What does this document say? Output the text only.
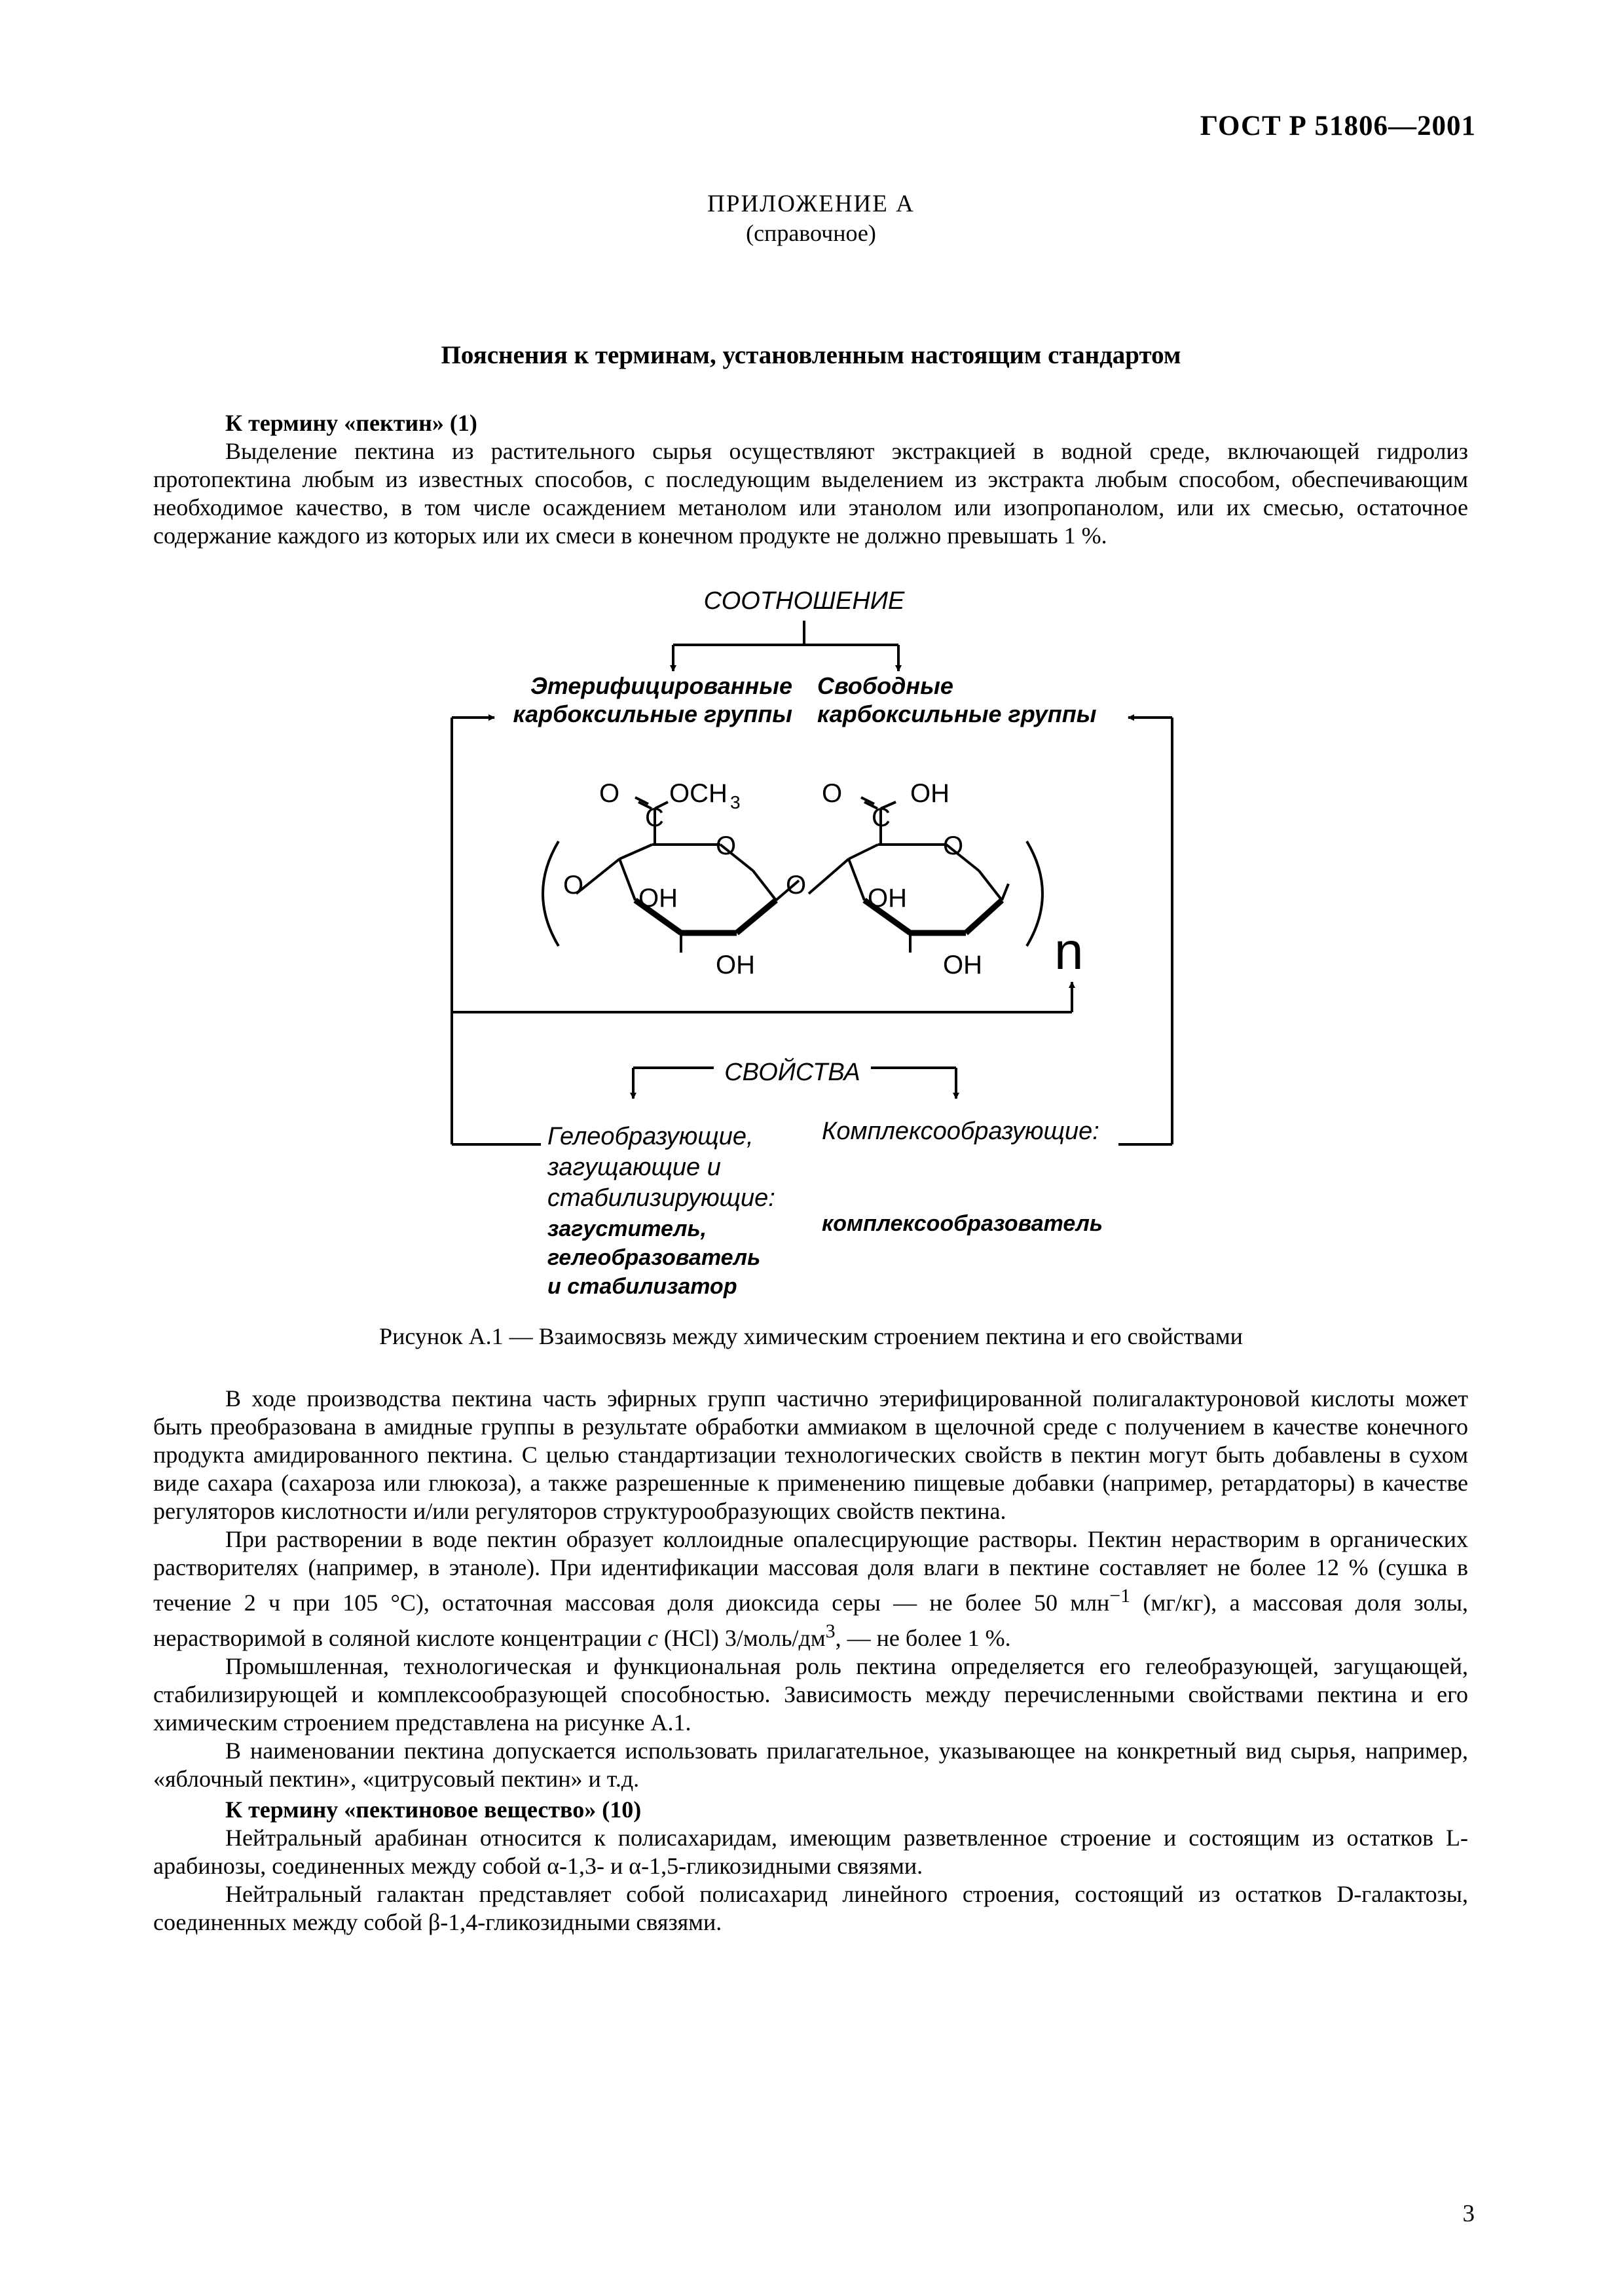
ГОСТ Р 51806—2001
ПРИЛОЖЕНИЕ А
(справочное)
Пояснения к терминам, установленным настоящим стандартом
К термину «пектин» (1)
Выделение пектина из растительного сырья осуществляют экстракцией в водной среде, включающей гидролиз протопектина любым из известных способов, с последующим выделением из экстракта любым способом, обеспечивающим необходимое качество, в том числе осаждением метанолом или этанолом или изопропанолом, или их смесью, остаточное содержание каждого из которых или их смеси в конечном продукте не должно превышать 1 %.
СООТНОШЕНИЕ
Этерифицированные
карбоксильные группы
Свободные
карбоксильные группы
СВОЙСТВА
Гелеобразующие,
загущающие и
стабилизирующие:
загуститель,
гелеобразователь
и стабилизатор
Комплексообразующие:
комплексообразователь
O
C
OCH 3
O
O OH
OH
O
O
C
OH
O
OH
OH n
Рисунок А.1 — Взаимосвязь между химическим строением пектина и его свойствами
В ходе производства пектина часть эфирных групп частично этерифицированной полигалактуроновой кислоты может быть преобразована в амидные группы в результате обработки аммиаком в щелочной среде с получением в качестве конечного продукта амидированного пектина. С целью стандартизации технологических свойств в пектин могут быть добавлены в сухом виде сахара (сахароза или глюкоза), а также разрешенные к применению пищевые добавки (например, ретардаторы) в качестве регуляторов кислотности и/или регуляторов структурообразующих свойств пектина.
При растворении в воде пектин образует коллоидные опалесцирующие растворы. Пектин нерастворим в органических растворителях (например, в этаноле). При идентификации массовая доля влаги в пектине составляет не более 12 % (сушка в течение 2 ч при 105 °С), остаточная массовая доля диоксида серы — не более 50 млн$^{-1}$ (мг/кг), а массовая доля золы, нерастворимой в соляной кислоте концентрации с (НСl) $3/моль/дм^3$, — не более 1 %.
Промышленная, технологическая и функциональная роль пектина определяется его гелеобразующей, загущающей, стабилизирующей и комплексообразующей способностью. Зависимость между перечисленными свойствами пектина и его химическим строением представлена на рисунке А.1.
В наименовании пектина допускается использовать прилагательное, указывающее на конкретный вид сырья, например, «яблочный пектин», «цитрусовый пектин» и т.д.
К термину «пектиновое вещество» (10)
Нейтральный арабинан относится к полисахаридам, имеющим разветвленное строение и состоящим из остатков L-арабинозы, соединенных между собой α-1,3- и α-1,5-гликозидными связями.
Нейтральный галактан представляет собой полисахарид линейного строения, состоящий из остатков D-галактозы, соединенных между собой β-1,4-гликозидными связями.
3
